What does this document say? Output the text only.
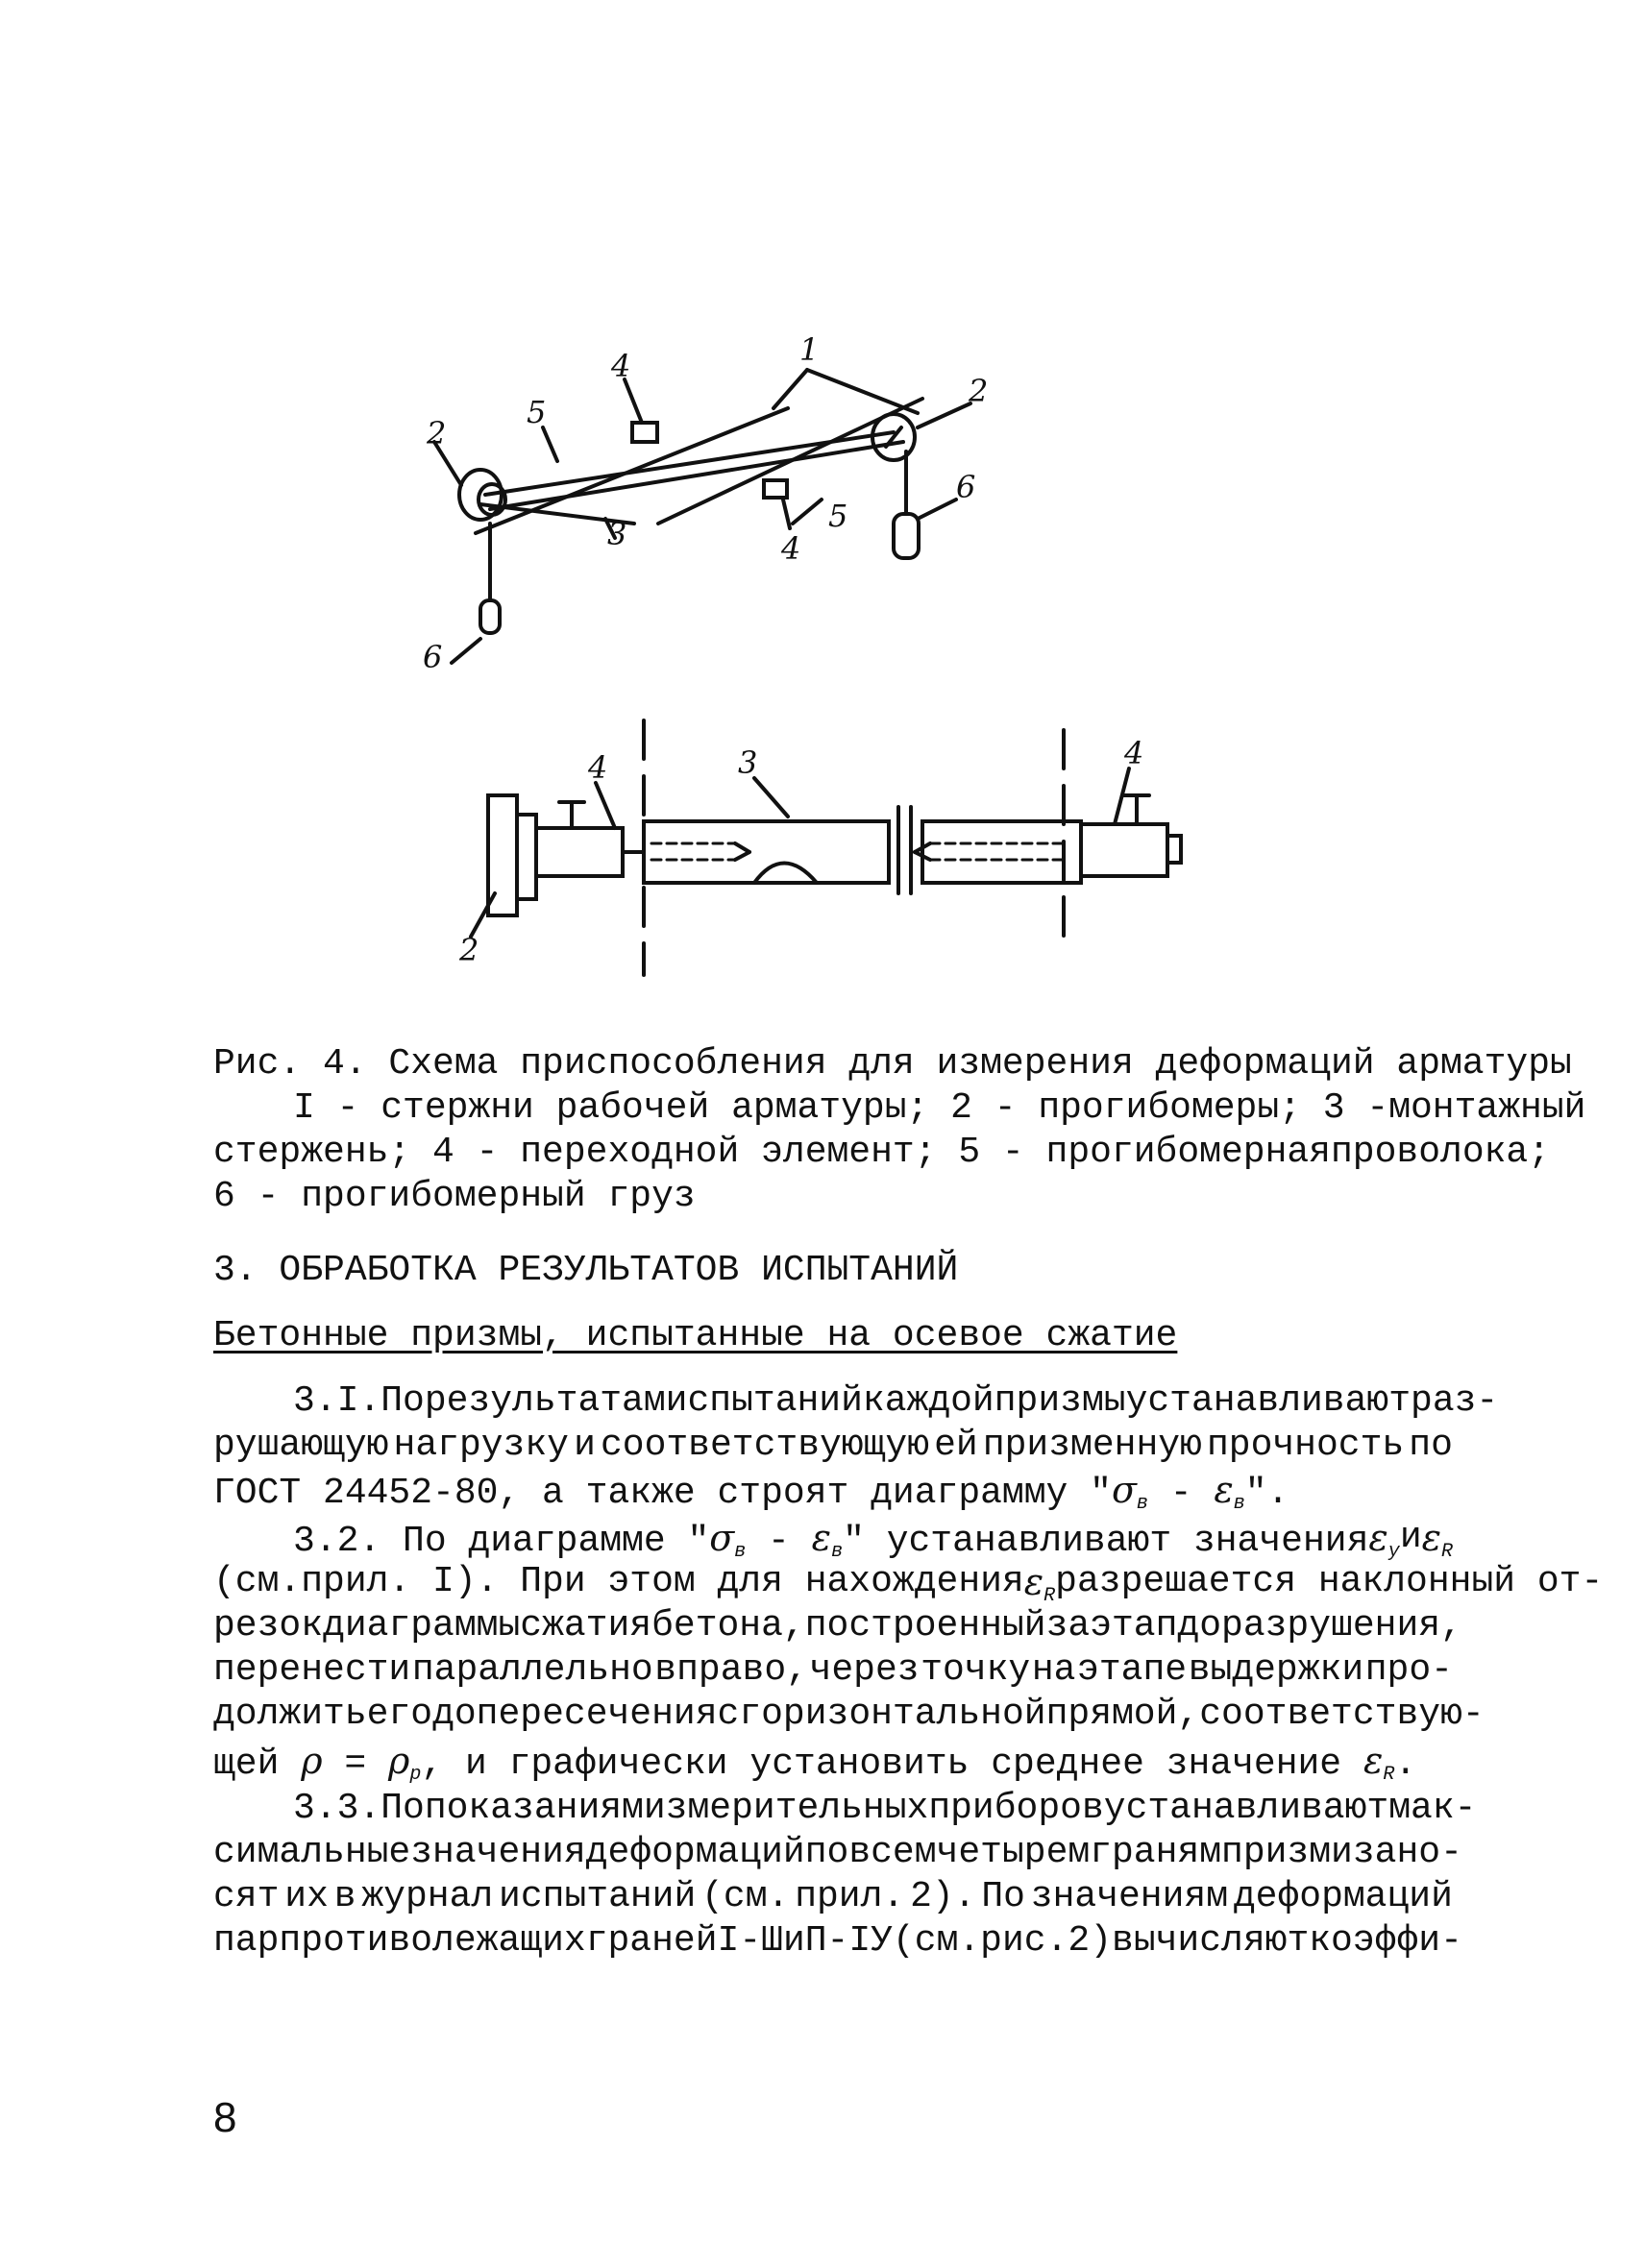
1
4
2
5
2
6
5
3	4
6
4	3	4
2
Рис. 4. Схема приспособления для измерения деформаций арматуры
I - стержни рабочей арматуры; 2 - прогибомеры; 3 - монтажный
стержень; 4 - переходной элемент; 5 - прогибомерная проволока;
6 - прогибомерный груз
3. ОБРАБОТКА РЕЗУЛЬТАТОВ ИСПЫТАНИЙ
Бетонные призмы, испытанные на осевое сжатие
3.I. По результатам испытаний каждой призмы устанавливают раз-
рушающую нагрузку и соответствующую ей призменную прочность по
ГОСТ 24452-80, а также строят диаграмму "$\sigma_в - \varepsilon_в$".
3.2. По диаграмме "$\sigma_в - \varepsilon_в$" устанавливают значения $\varepsilon_у$ и $\varepsilon_R$
(см.прил. I). При этом для нахождения $\varepsilon_R$ разрешается наклонный от-
резок диаграммы сжатия бетона, построенный за этап до разрушения,
перенести параллельно вправо, через точку на этапе выдержки про-
должить его до пересечения с горизонтальной прямой, соответствую-
щей $\rho = \rho_р$, и графически установить среднее значение $\varepsilon_R$.
3.3. По показаниям измерительных приборов устанавливают мак-
симальные значения деформаций по всем четырем граням призм и зано-
сят их в журнал испытаний (см. прил. 2). По значениям деформаций
пар противолежащих граней I-Ш и П-IУ (см.рис.2) вычисляют коэффи-
8
